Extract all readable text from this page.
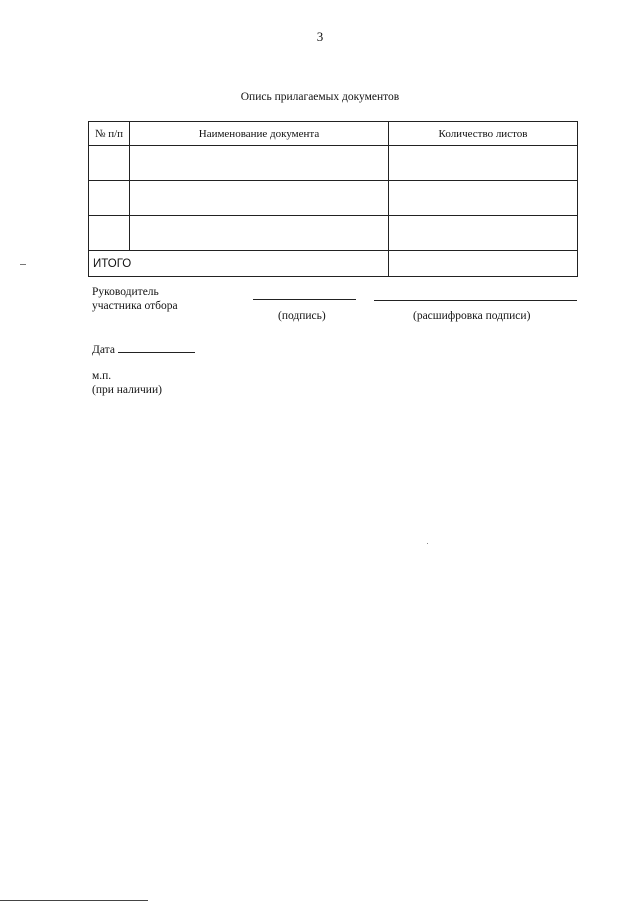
3
Опись прилагаемых документов
№ п/п	Наименование документа	Количество листов

ИТОГО		
Руководитель
участника отбора
(подпись)	(расшифровка подписи)
Дата
м.п.
(при наличии)
